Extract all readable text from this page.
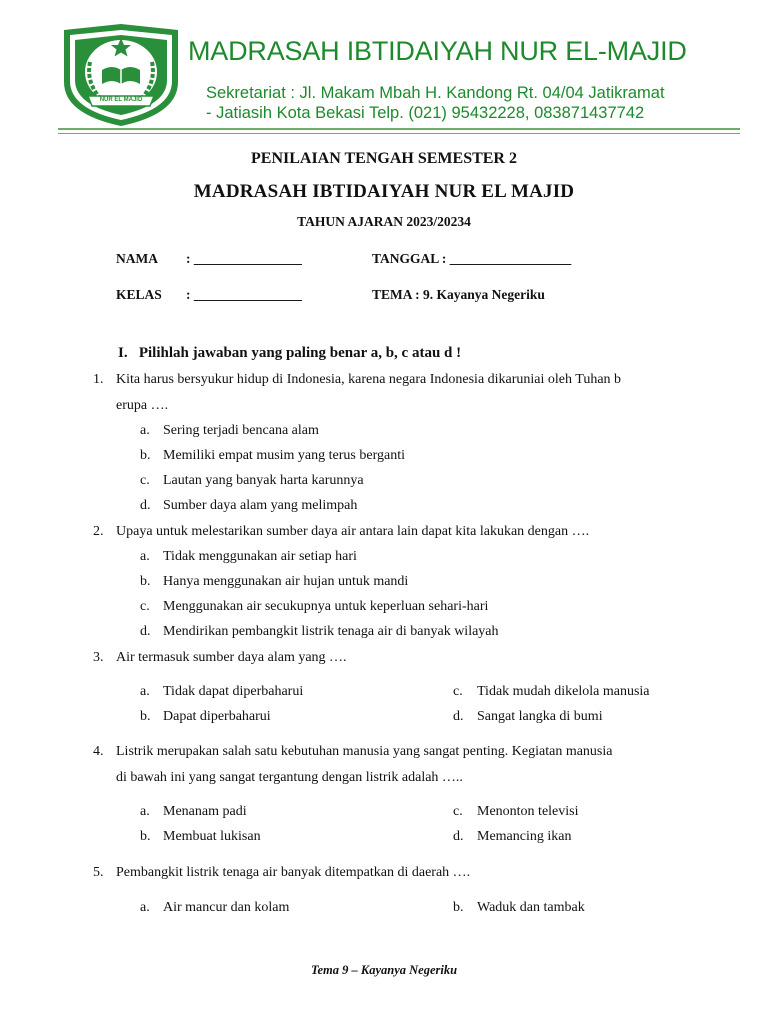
NUR EL MAJID
MADRASAH IBTIDAIYAH NUR EL-MAJID
Sekretariat : Jl. Makam Mbah H. Kandong Rt. 04/04 Jatikramat
- Jatiasih Kota Bekasi Telp. (021) 95432228, 083871437742
PENILAIAN TENGAH SEMESTER 2
MADRASAH IBTIDAIYAH NUR EL MAJID
TAHUN AJARAN 2023/20234
NAMA : ________________	TANGGAL : __________________
KELAS : ________________	TEMA : 9. Kayanya Negeriku
I. Pilihlah jawaban yang paling benar a, b, c atau d !
1. Kita harus bersyukur hidup di Indonesia, karena negara Indonesia dikaruniai oleh Tuhan b
erupa ….
a. Sering terjadi bencana alam
b. Memiliki empat musim yang terus berganti
c. Lautan yang banyak harta karunnya
d. Sumber daya alam yang melimpah
2. Upaya untuk melestarikan sumber daya air antara lain dapat kita lakukan dengan ….
a. Tidak menggunakan air setiap hari
b. Hanya menggunakan air hujan untuk mandi
c. Menggunakan air secukupnya untuk keperluan sehari-hari
d. Mendirikan pembangkit listrik tenaga air di banyak wilayah
3. Air termasuk sumber daya alam yang ….
a. Tidak dapat diperbaharui
b. Dapat diperbaharui
c. Tidak mudah dikelola manusia
d. Sangat langka di bumi
4. Listrik merupakan salah satu kebutuhan manusia yang sangat penting. Kegiatan manusia
di bawah ini yang sangat tergantung dengan listrik adalah …..
a. Menanam padi
b. Membuat lukisan
c. Menonton televisi
d. Memancing ikan
5. Pembangkit listrik tenaga air banyak ditempatkan di daerah ….
a. Air mancur dan kolam	b. Waduk dan tambak
Tema 9 – Kayanya Negeriku
